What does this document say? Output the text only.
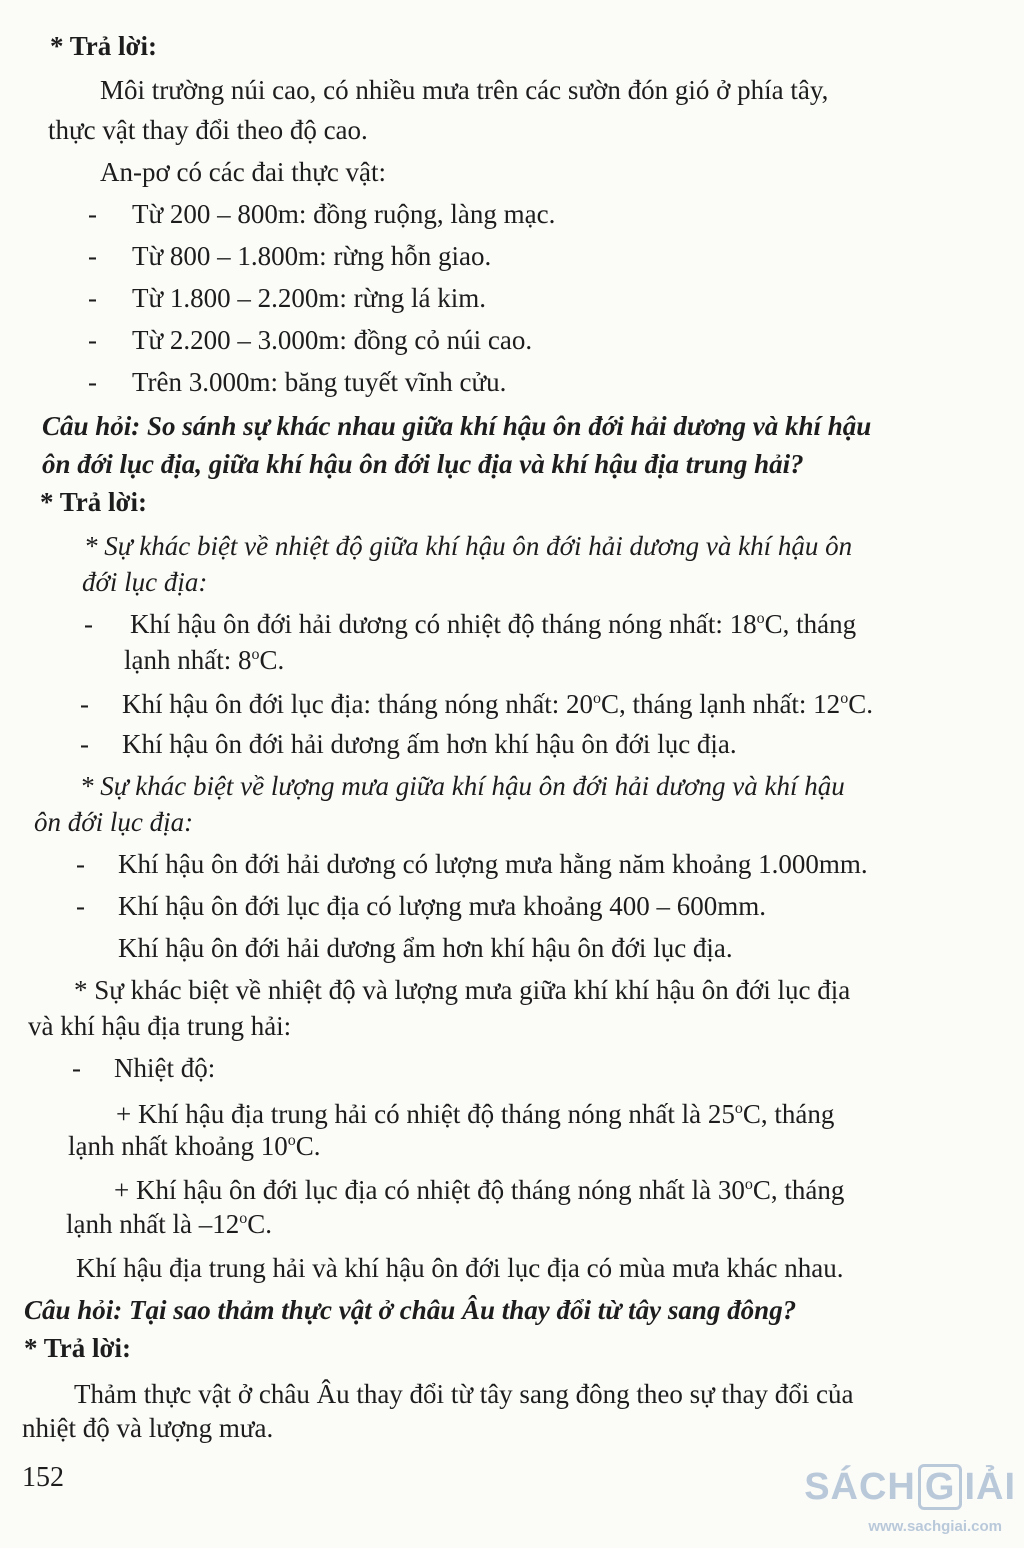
* Trả lời:
Môi trường núi cao, có nhiều mưa trên các sườn đón gió ở phía tây,
thực vật thay đổi theo độ cao.
An-pơ có các đai thực vật:
- Từ 200 – 800m: đồng ruộng, làng mạc.
- Từ 800 – 1.800m: rừng hỗn giao.
- Từ 1.800 – 2.200m: rừng lá kim.
- Từ 2.200 – 3.000m: đồng cỏ núi cao.
- Trên 3.000m: băng tuyết vĩnh cửu.
Câu hỏi: So sánh sự khác nhau giữa khí hậu ôn đới hải dương và khí hậu
ôn đới lục địa, giữa khí hậu ôn đới lục địa và khí hậu địa trung hải?
* Trả lời:
* Sự khác biệt về nhiệt độ giữa khí hậu ôn đới hải dương và khí hậu ôn
đới lục địa:
- Khí hậu ôn đới hải dương có nhiệt độ tháng nóng nhất: 18$^o$C, tháng
lạnh nhất: 8$^o$C.
- Khí hậu ôn đới lục địa: tháng nóng nhất: 20$^o$C, tháng lạnh nhất: 12$^o$C.
- Khí hậu ôn đới hải dương ấm hơn khí hậu ôn đới lục địa.
* Sự khác biệt về lượng mưa giữa khí hậu ôn đới hải dương và khí hậu
ôn đới lục địa:
- Khí hậu ôn đới hải dương có lượng mưa hằng năm khoảng 1.000mm.
- Khí hậu ôn đới lục địa có lượng mưa khoảng 400 – 600mm.
Khí hậu ôn đới hải dương ẩm hơn khí hậu ôn đới lục địa.
* Sự khác biệt về nhiệt độ và lượng mưa giữa khí khí hậu ôn đới lục địa
và khí hậu địa trung hải:
- Nhiệt độ:
+ Khí hậu địa trung hải có nhiệt độ tháng nóng nhất là 25$^o$C, tháng
lạnh nhất khoảng $10^oC$.
+ Khí hậu ôn đới lục địa có nhiệt độ tháng nóng nhất là 30$^o$C, tháng
lạnh nhất là –12$^o$C.
Khí hậu địa trung hải và khí hậu ôn đới lục địa có mùa mưa khác nhau.
Câu hỏi: Tại sao thảm thực vật ở châu Âu thay đổi từ tây sang đông?
* Trả lời:
Thảm thực vật ở châu Âu thay đổi từ tây sang đông theo sự thay đổi của
nhiệt độ và lượng mưa.
152	SÁCH G IẢI
www.sachgiai.com
